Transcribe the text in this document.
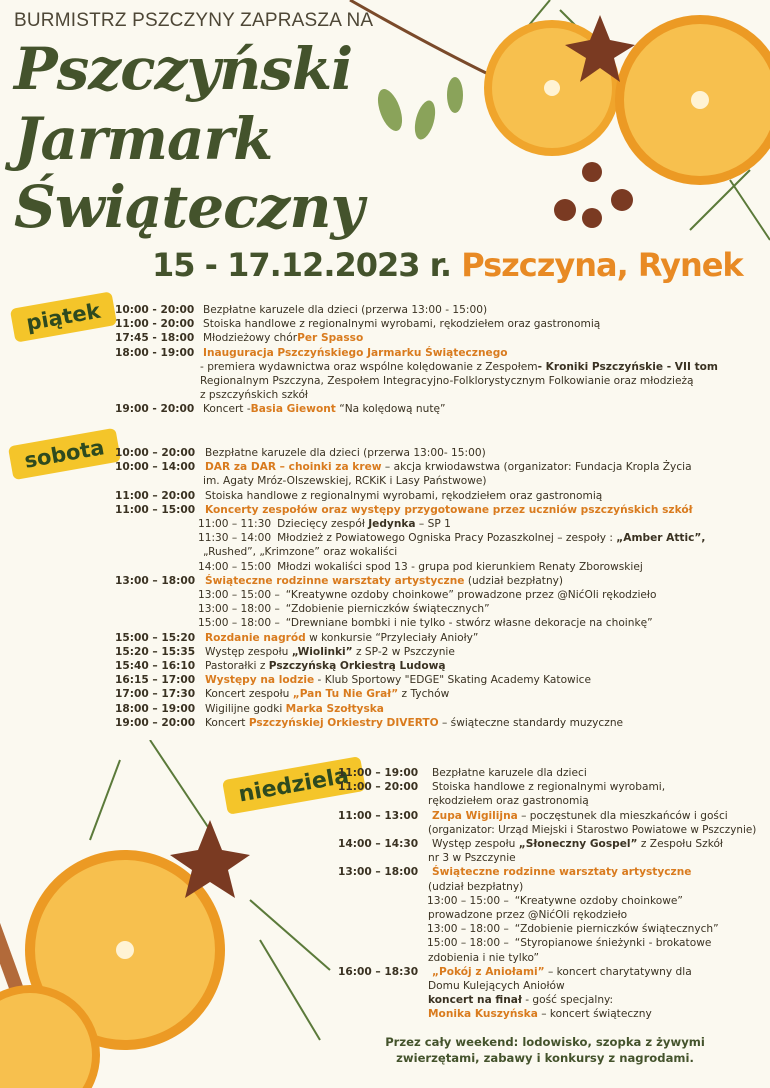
BURMISTRZ PSZCZYNY ZAPRASZA NA
Pszczyński
Jarmark
Świąteczny
15 - 17.12.2023 r. Pszczyna, Rynek
piątek
sobota
niedziela
10:00 - 20:00 Bezpłatne karuzele dla dzieci (przerwa 13:00 - 15:00)
11:00 - 20:00 Stoiska handlowe z regionalnymi wyrobami, rękodziełem oraz gastronomią
17:45 - 18:00 Młodzieżowy chórPer Spasso
18:00 - 19:00 Inauguracja Pszczyńskiego Jarmarku Świątecznego
- premiera wydawnictwa oraz wspólne kolędowanie z Zespołem- Kroniki Pszczyńskie - VII tom
Regionalnym Pszczyna, Zespołem Integracyjno-Folklorystycznym Folkowianie oraz młodzieżą
z pszczyńskich szkół
19:00 - 20:00 Koncert -Basia Giewont “Na kolędową nutę”
10:00 – 20:00 Bezpłatne karuzele dla dzieci (przerwa 13:00- 15:00)
10:00 – 14:00 DAR za DAR – choinki za krew – akcja krwiodawstwa (organizator: Fundacja Kropla Życia
im. Agaty Mróz-Olszewskiej, RCKiK i Lasy Państwowe)
11:00 – 20:00 Stoiska handlowe z regionalnymi wyrobami, rękodziełem oraz gastronomią
11:00 – 15:00 Koncerty zespołów oraz występy przygotowane przez uczniów pszczyńskich szkół
11:00 – 11:30 Dziecięcy zespół Jedynka – SP 1
11:30 – 14:00 Młodzież z Powiatowego Ogniska Pracy Pozaszkolnej – zespoły : „Amber Attic”,
„Rushed”, „Krimzone” oraz wokaliści
14:00 – 15:00 Młodzi wokaliści spod 13 - grupa pod kierunkiem Renaty Zborowskiej
13:00 – 18:00 Świąteczne rodzinne warsztaty artystyczne (udział bezpłatny)
13:00 – 15:00 – “Kreatywne ozdoby choinkowe” prowadzone przez @NićOli rękodzieło
13:00 – 18:00 – “Zdobienie pierniczków świątecznych”
15:00 – 18:00 – “Drewniane bombki i nie tylko - stwórz własne dekoracje na choinkę”
15:00 – 15:20 Rozdanie nagród w konkursie “Przyleciały Anioły”
15:20 – 15:35 Występ zespołu „Wiolinki” z SP-2 w Pszczynie
15:40 – 16:10 Pastorałki z Pszczyńską Orkiestrą Ludową
16:15 – 17:00 Występy na lodzie - Klub Sportowy "EDGE" Skating Academy Katowice
17:00 – 17:30 Koncert zespołu „Pan Tu Nie Grał” z Tychów
18:00 – 19:00 Wigilijne godki Marka Szołtyska
19:00 – 20:00 Koncert Pszczyńskiej Orkiestry DIVERTO – świąteczne standardy muzyczne
11:00 – 19:00	Bezpłatne karuzele dla dzieci
11:00 – 20:00	Stoiska handlowe z regionalnymi wyrobami,
rękodziełem oraz gastronomią
11:00 – 13:00	Zupa Wigilijna – poczęstunek dla mieszkańców i gości
(organizator: Urząd Miejski i Starostwo Powiatowe w Pszczynie)
14:00 – 14:30	Występ zespołu „Słoneczny Gospel” z Zespołu Szkół
nr 3 w Pszczynie
13:00 – 18:00	Świąteczne rodzinne warsztaty artystyczne
(udział bezpłatny)
13:00 – 15:00 – “Kreatywne ozdoby choinkowe”
prowadzone przez @NićOli rękodzieło
13:00 – 18:00 – “Zdobienie pierniczków świątecznych”
15:00 – 18:00 – “Styropianowe śnieżynki - brokatowe
zdobienia i nie tylko”
16:00 – 18:30	„Pokój z Aniołami” – koncert charytatywny dla
Domu Kulejących Aniołów
koncert na finał - gość specjalny:
Monika Kuszyńska – koncert świąteczny
Przez cały weekend: lodowisko, szopka z żywymi
zwierzętami, zabawy i konkursy z nagrodami.
